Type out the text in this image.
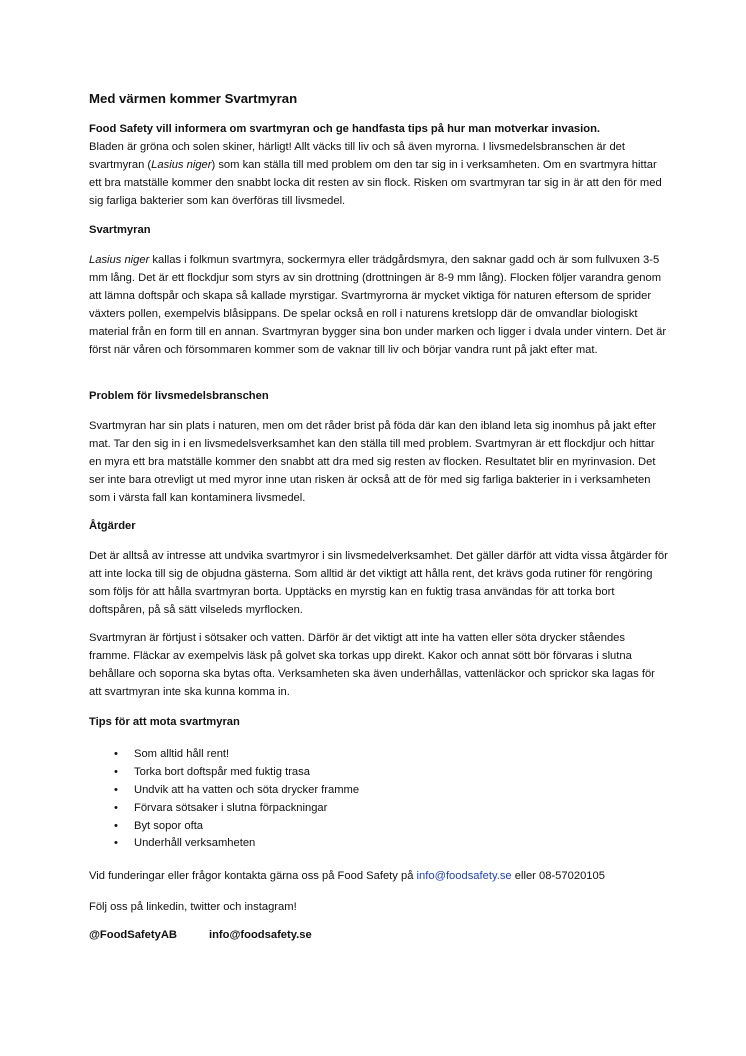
Med värmen kommer Svartmyran

Food Safety vill informera om svartmyran och ge handfasta tips på hur man motverkar invasion.
Bladen är gröna och solen skiner, härligt! Allt väcks till liv och så även myrorna. I livsmedelsbranschen är det svartmyran (Lasius niger) som kan ställa till med problem om den tar sig in i verksamheten. Om en svartmyra hittar ett bra matställe kommer den snabbt locka dit resten av sin flock. Risken om svartmyran tar sig in är att den för med sig farliga bakterier som kan överföras till livsmedel.

Svartmyran

Lasius niger kallas i folkmun svartmyra, sockermyra eller trädgårdsmyra, den saknar gadd och är som fullvuxen 3-5 mm lång. Det är ett flockdjur som styrs av sin drottning (drottningen är 8-9 mm lång). Flocken följer varandra genom att lämna doftspår och skapa så kallade myrstigar. Svartmyrorna är mycket viktiga för naturen eftersom de sprider växters pollen, exempelvis blåsippans. De spelar också en roll i naturens kretslopp där de omvandlar biologiskt material från en form till en annan. Svartmyran bygger sina bon under marken och ligger i dvala under vintern. Det är först när våren och försommaren kommer som de vaknar till liv och börjar vandra runt på jakt efter mat.

Problem för livsmedelsbranschen

Svartmyran har sin plats i naturen, men om det råder brist på föda där kan den ibland leta sig inomhus på jakt efter mat. Tar den sig in i en livsmedelsverksamhet kan den ställa till med problem. Svartmyran är ett flockdjur och hittar en myra ett bra matställe kommer den snabbt att dra med sig resten av flocken. Resultatet blir en myrinvasion. Det ser inte bara otrevligt ut med myror inne utan risken är också att de för med sig farliga bakterier in i verksamheten som i värsta fall kan kontaminera livsmedel.

Åtgärder

Det är alltså av intresse att undvika svartmyror i sin livsmedelverksamhet. Det gäller därför att vidta vissa åtgärder för att inte locka till sig de objudna gästerna. Som alltid är det viktigt att hålla rent, det krävs goda rutiner för rengöring som följs för att hålla svartmyran borta. Upptäcks en myrstig kan en fuktig trasa användas för att torka bort doftspåren, på så sätt vilseleds myrflocken.

Svartmyran är förtjust i sötsaker och vatten. Därför är det viktigt att inte ha vatten eller söta drycker ståendes framme. Fläckar av exempelvis läsk på golvet ska torkas upp direkt. Kakor och annat sött bör förvaras i slutna behållare och soporna ska bytas ofta. Verksamheten ska även underhållas, vattenläckor och sprickor ska lagas för att svartmyran inte ska kunna komma in.

Tips för att mota svartmyran
• Som alltid håll rent!
• Torka bort doftspår med fuktig trasa
• Undvik att ha vatten och söta drycker framme
• Förvara sötsaker i slutna förpackningar
• Byt sopor ofta
• Underhåll verksamheten

Vid funderingar eller frågor kontakta gärna oss på Food Safety på info@foodsafety.se eller 08-57020105

Följ oss på linkedin, twitter och instagram!

@FoodSafetyAB	info@foodsafety.se
